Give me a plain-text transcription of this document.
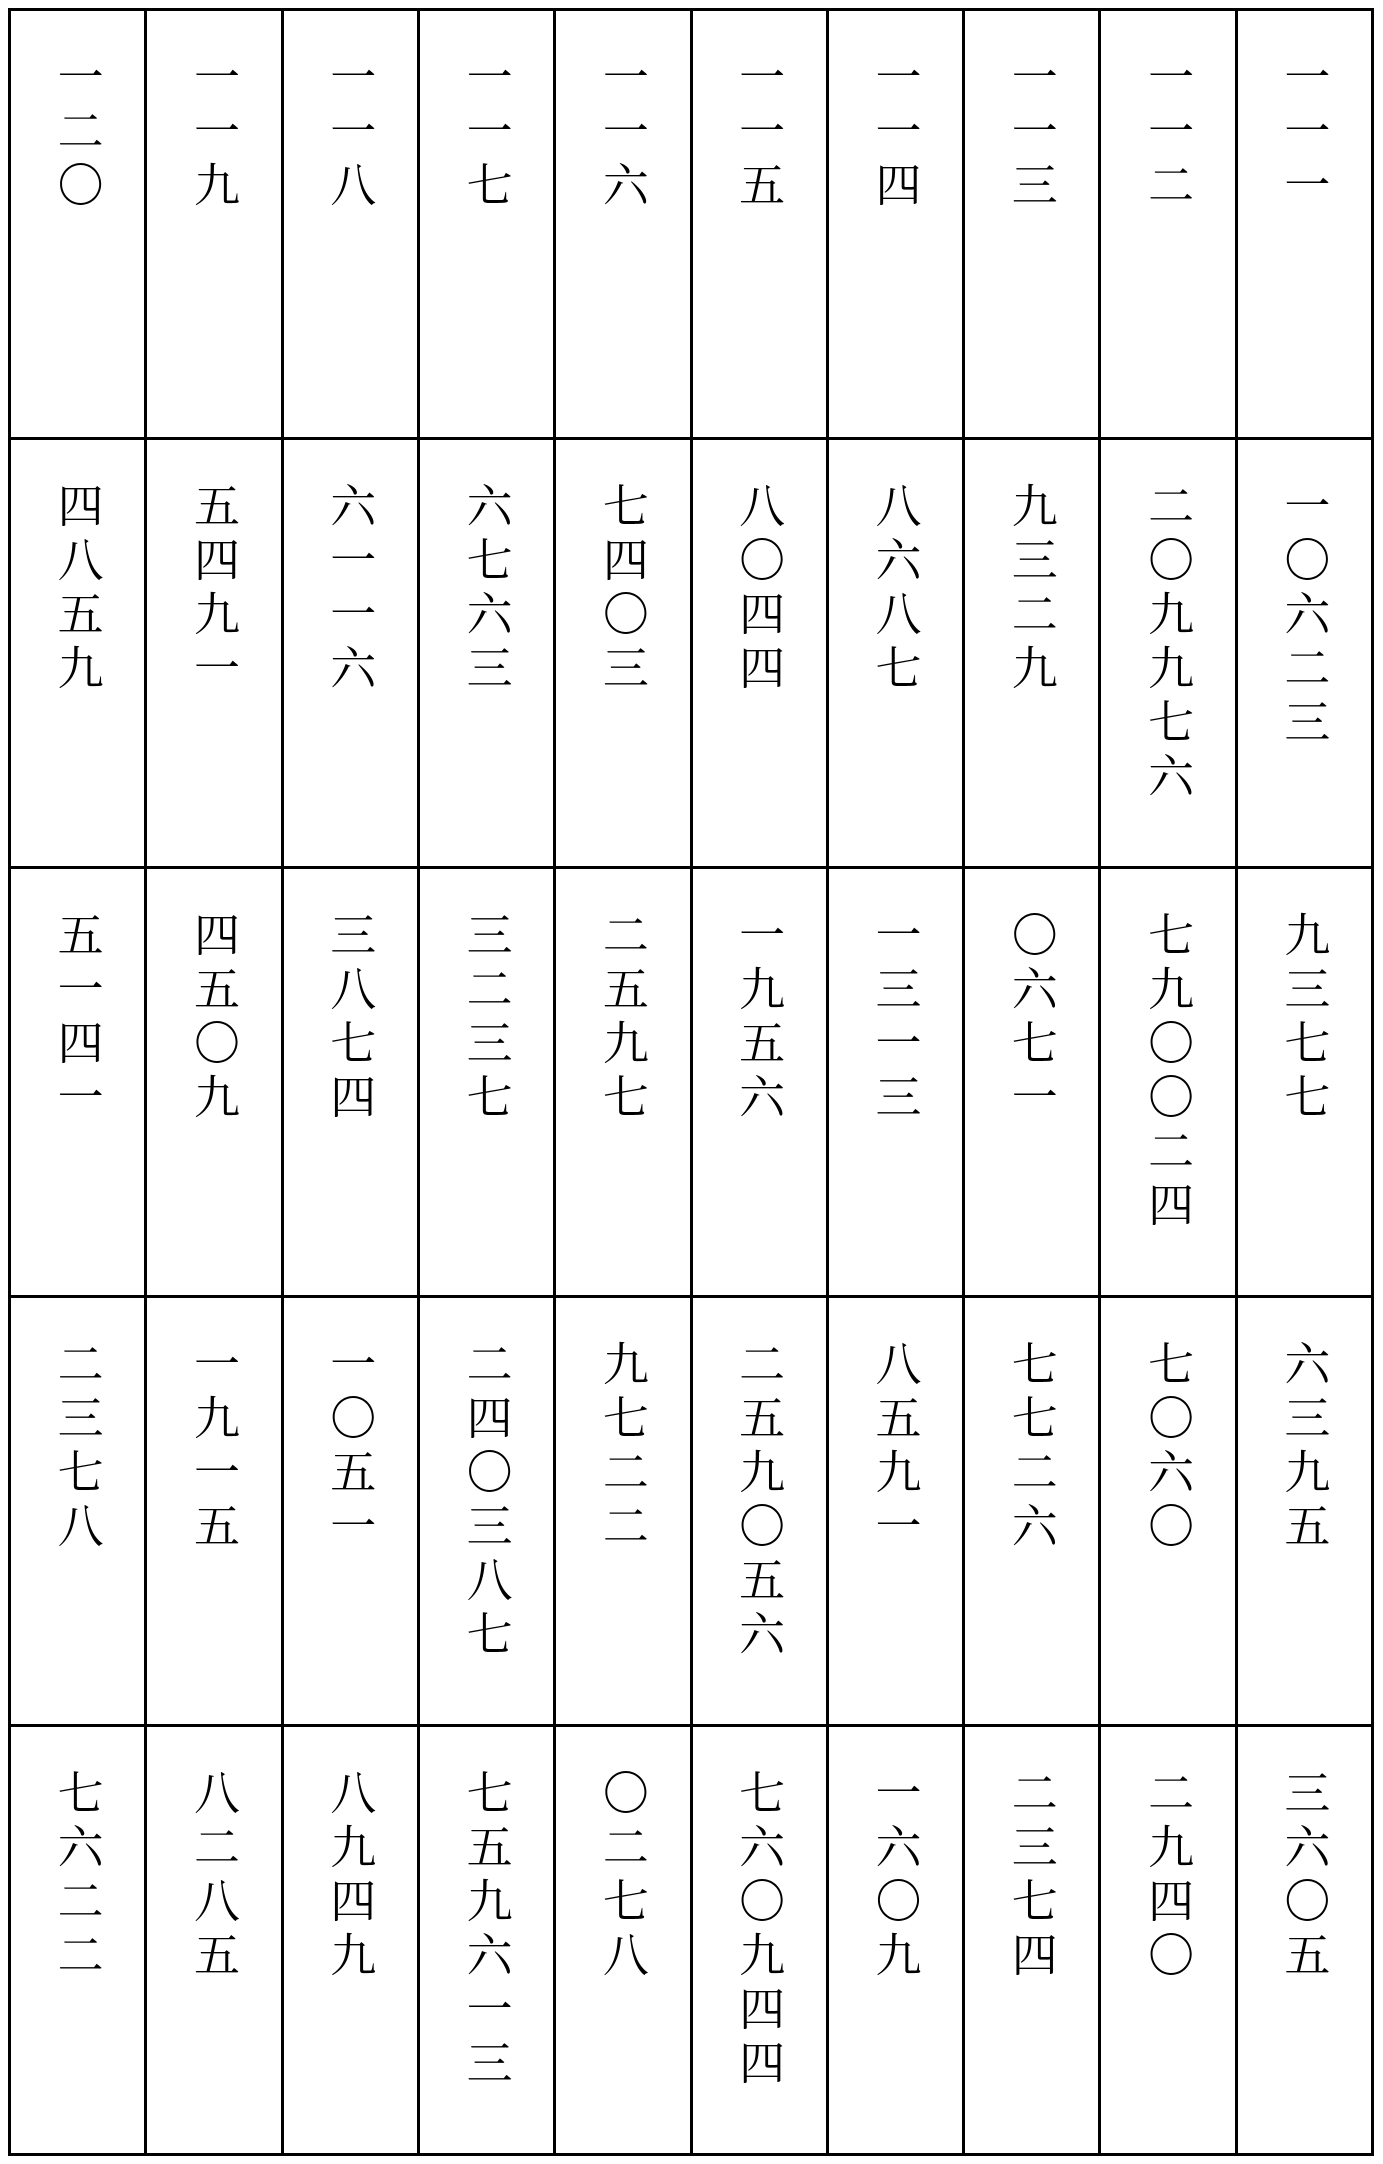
一一一
一一二
一一三
一一四
一一五
一一六
一一七
一一八
一一九
一二〇
一〇六二三
二〇九九七六
九三二九
八六八七
八〇四四
七四〇三
六七六三
六一一六
五四九一
四八五九
九三七七
七九〇〇二四
〇六七一
一三一三
一九五六
二五九七
三二三七
三八七四
四五〇九
五一四一
六三九五
七〇六〇
七七二六
八五九一
二五九〇五六
九七二二
二四〇三八七
一〇五一
一九一五
二三七八
三六〇五
二九四〇
二三七四
一六〇九
七六〇九四四
〇二七八
七五九六一三
八九四九
八二八五
七六二二
